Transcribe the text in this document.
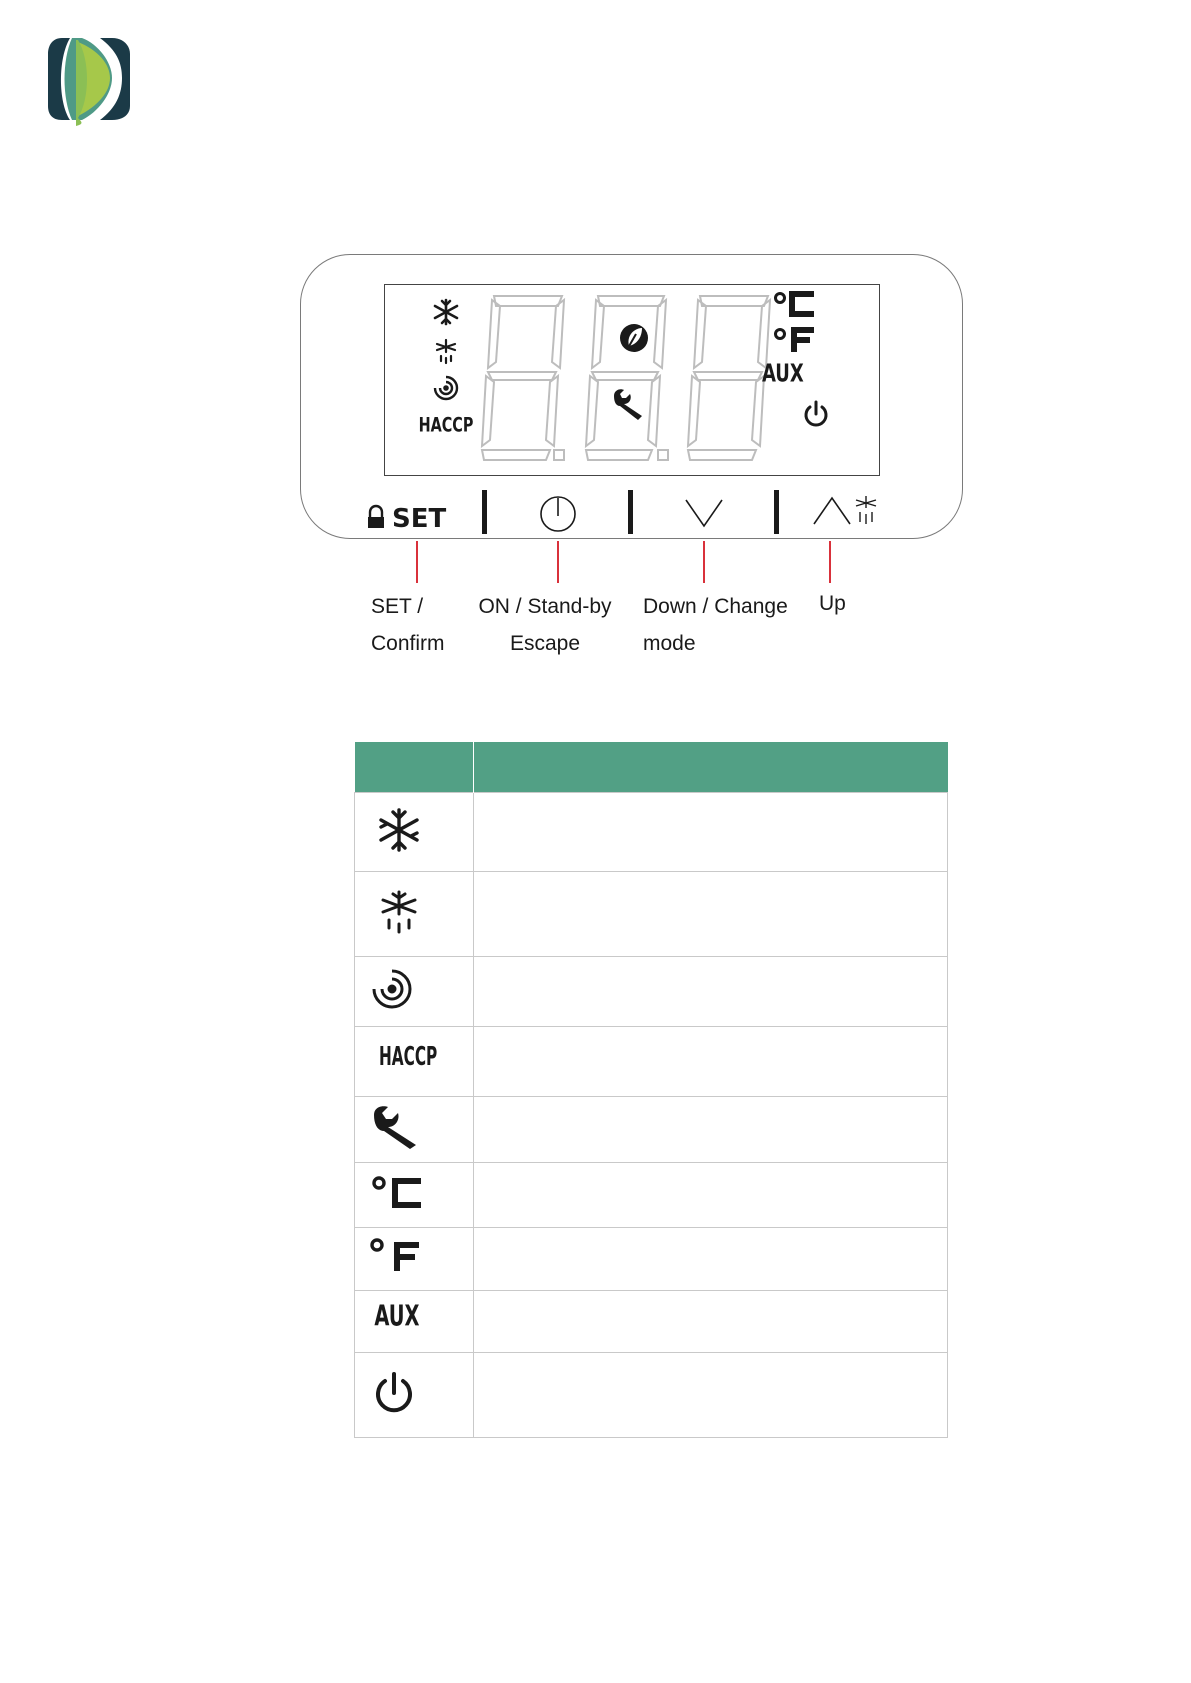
HACCP
AUX
SET
SET /
Confirm
ON / Stand-by
Escape
Down / Change
mode
Up

HACCP	

AUX	
